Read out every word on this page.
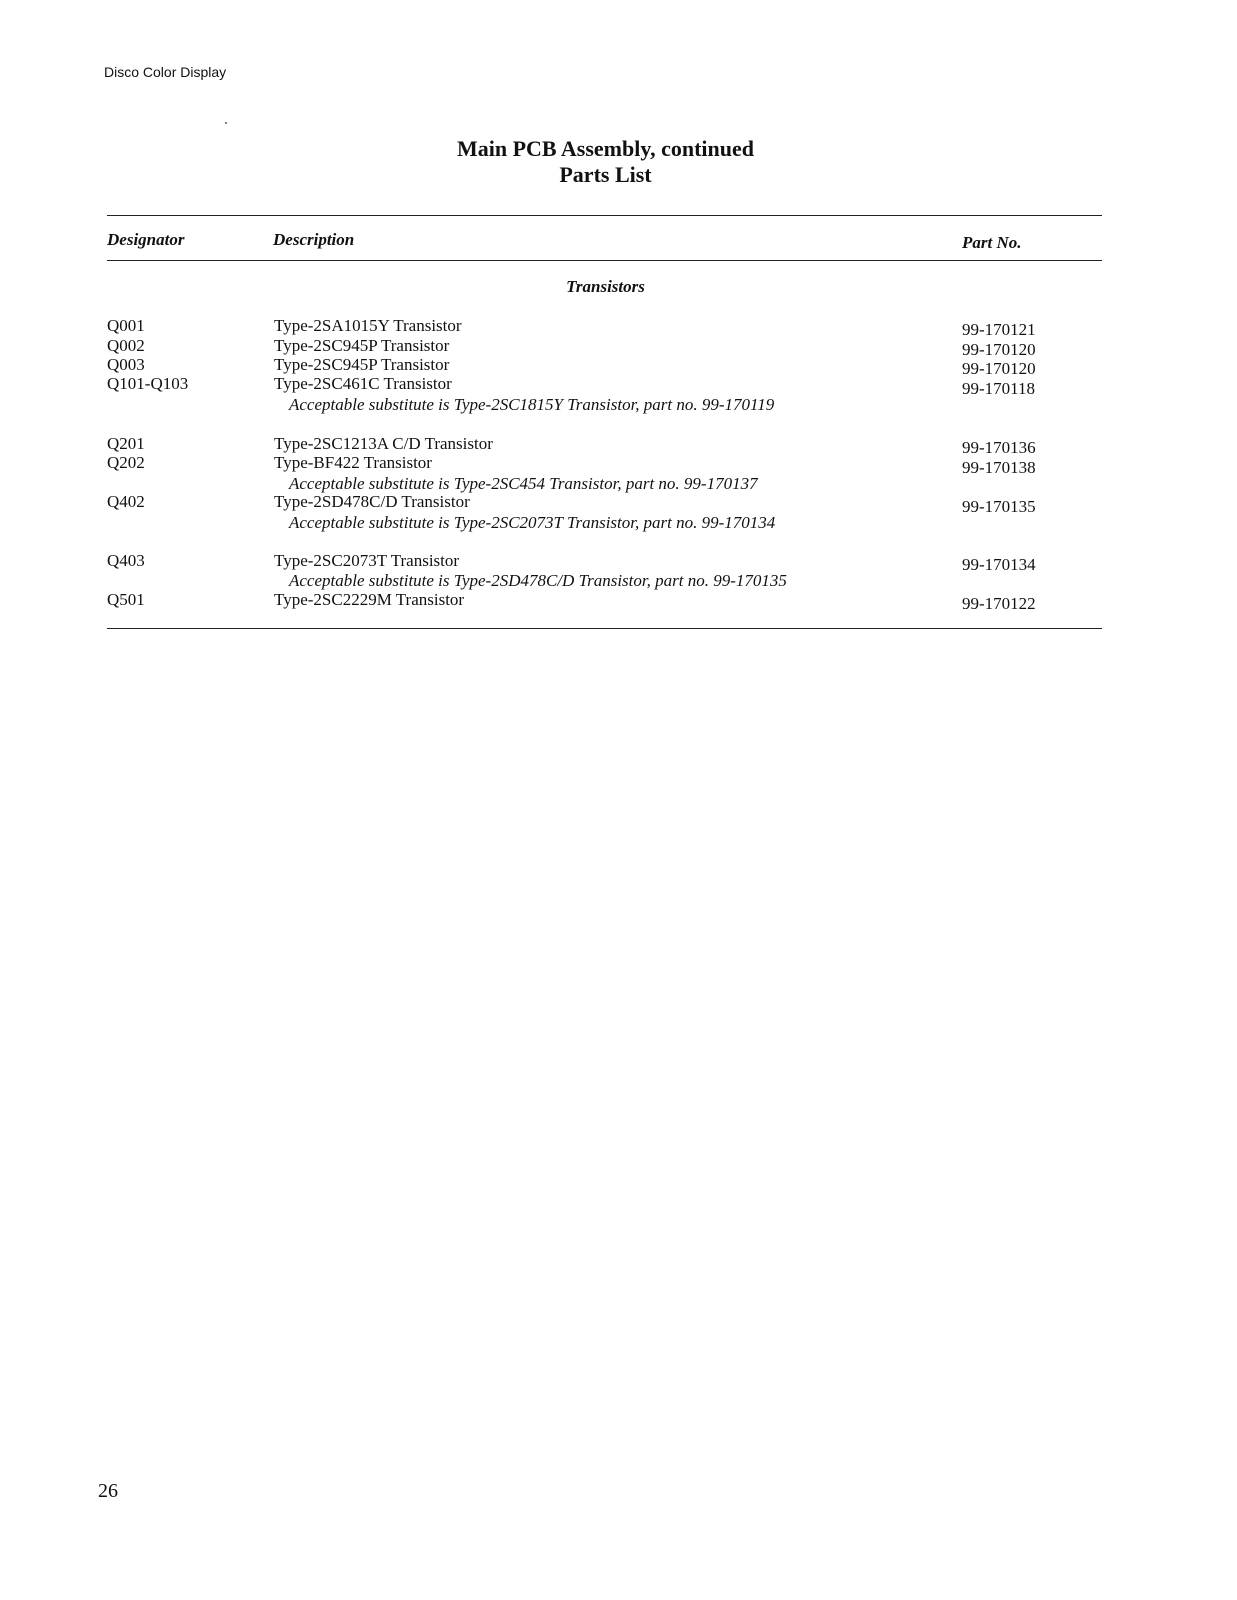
Disco Color Display
Main PCB Assembly, continued
Parts List
Designator	Description	Part No.
Transistors
Q001	Type-2SA1015Y Transistor	99-170121
Q002	Type-2SC945P Transistor	99-170120
Q003	Type-2SC945P Transistor	99-170120
Q101-Q103	Type-2SC461C Transistor	99-170118
Acceptable substitute is Type-2SC1815Y Transistor, part no. 99-170119
Q201	Type-2SC1213A C/D Transistor	99-170136
Q202	Type-BF422 Transistor	99-170138
Acceptable substitute is Type-2SC454 Transistor, part no. 99-170137
Q402	Type-2SD478C/D Transistor	99-170135
Acceptable substitute is Type-2SC2073T Transistor, part no. 99-170134
Q403	Type-2SC2073T Transistor	99-170134
Acceptable substitute is Type-2SD478C/D Transistor, part no. 99-170135
Q501	Type-2SC2229M Transistor	99-170122
26
